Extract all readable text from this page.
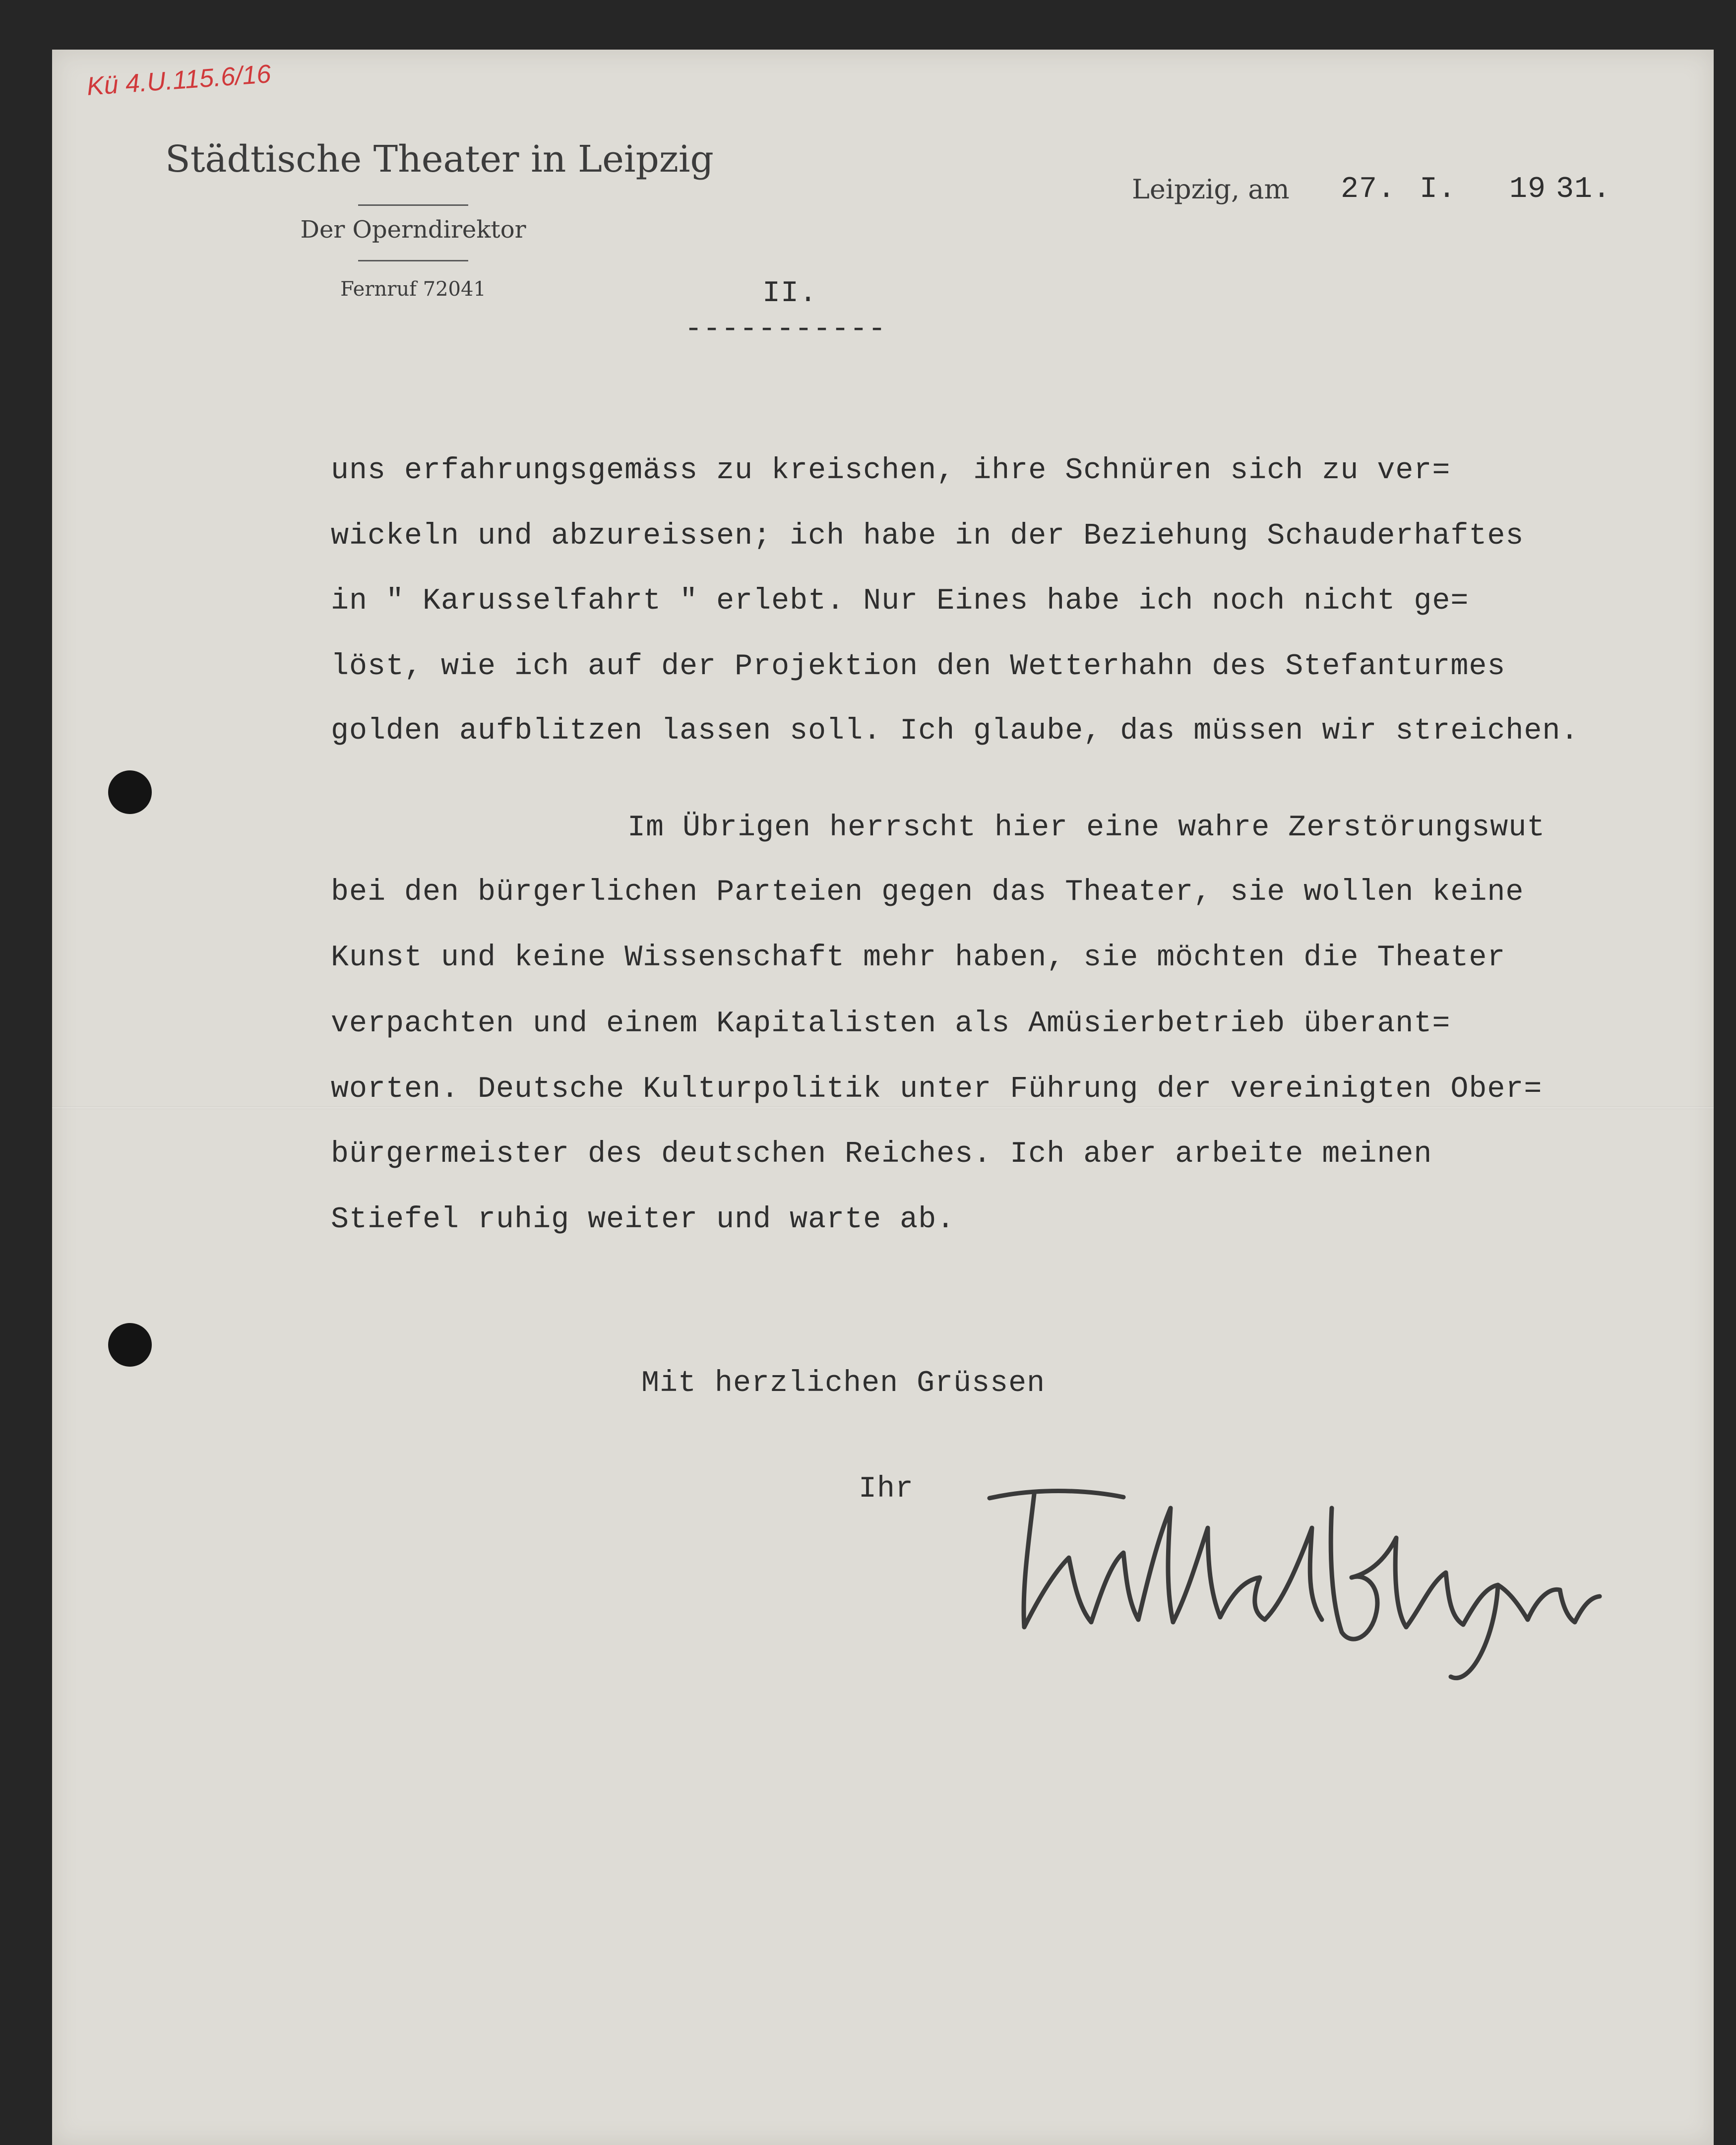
Kü 4.U.115.6/16
Städtische Theater in Leipzig
Der Operndirektor
Fernruf 72041
Leipzig, am 27. I. 19 31.
II.
-----------
uns erfahrungsgemäss zu kreischen, ihre Schnüren sich zu ver=
wickeln und abzureissen; ich habe in der Beziehung Schauderhaftes
in " Karusselfahrt " erlebt. Nur Eines habe ich noch nicht ge=
löst, wie ich auf der Projektion den Wetterhahn des Stefanturmes
golden aufblitzen lassen soll. Ich glaube, das müssen wir streichen.
Im Übrigen herrscht hier eine wahre Zerstörungswut
bei den bürgerlichen Parteien gegen das Theater, sie wollen keine
Kunst und keine Wissenschaft mehr haben, sie möchten die Theater
verpachten und einem Kapitalisten als Amüsierbetrieb überant=
worten. Deutsche Kulturpolitik unter Führung der vereinigten Ober=
bürgermeister des deutschen Reiches. Ich aber arbeite meinen
Stiefel ruhig weiter und warte ab.
Mit herzlichen Grüssen
Ihr
